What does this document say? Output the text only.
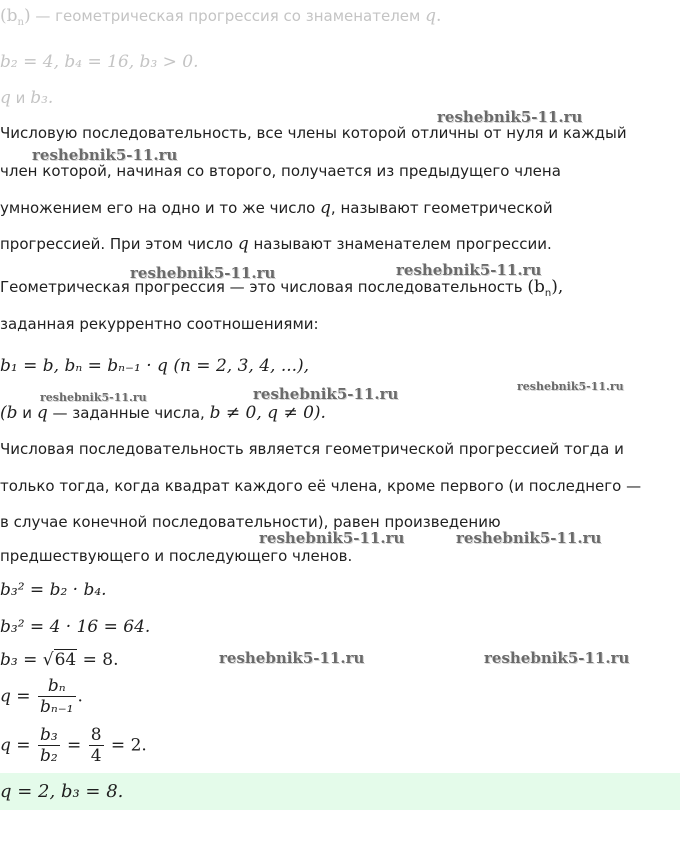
$(b_n)$ — геометрическая прогрессия со знаменателем q.
b₂ = 4, b₄ = 16, b₃ > 0.
q и b₃.
Числовую последовательность, все члены которой отличны от нуля и каждый
член которой, начиная со второго, получается из предыдущего члена
умножением его на одно и то же число q, называют геометрической
прогрессией. При этом число q называют знаменателем прогрессии.
Геометрическая прогрессия — это числовая последовательность $(b_n)$,
заданная рекуррентно соотношениями:
b₁ = b, bₙ = bₙ₋₁ · q (n = 2, 3, 4, ...),
(b и q — заданные числа, b ≠ 0, q ≠ 0).
Числовая последовательность является геометрической прогрессией тогда и
только тогда, когда квадрат каждого её члена, кроме первого (и последнего —
в случае конечной последовательности), равен произведению
предшествующего и последующего членов.
b₃² = b₂ · b₄.
b₃² = 4 · 16 = 64.
b₃ = √64 = 8.
$q = \frac{\text{bₙ}}{\text{bₙ₋₁}}$ .
$q = \frac{\text{b₃}}{\text{b₂}} = \frac{8}{4} = 2$.
q = 2, b₃ = 8.
reshebnik5-11.ru
reshebnik5-11.ru
reshebnik5-11.ru	reshebnik5-11.ru
reshebnik5-11.ru	reshebnik5-11.ru	reshebnik5-11.ru
reshebnik5-11.ru	reshebnik5-11.ru
reshebnik5-11.ru	reshebnik5-11.ru
